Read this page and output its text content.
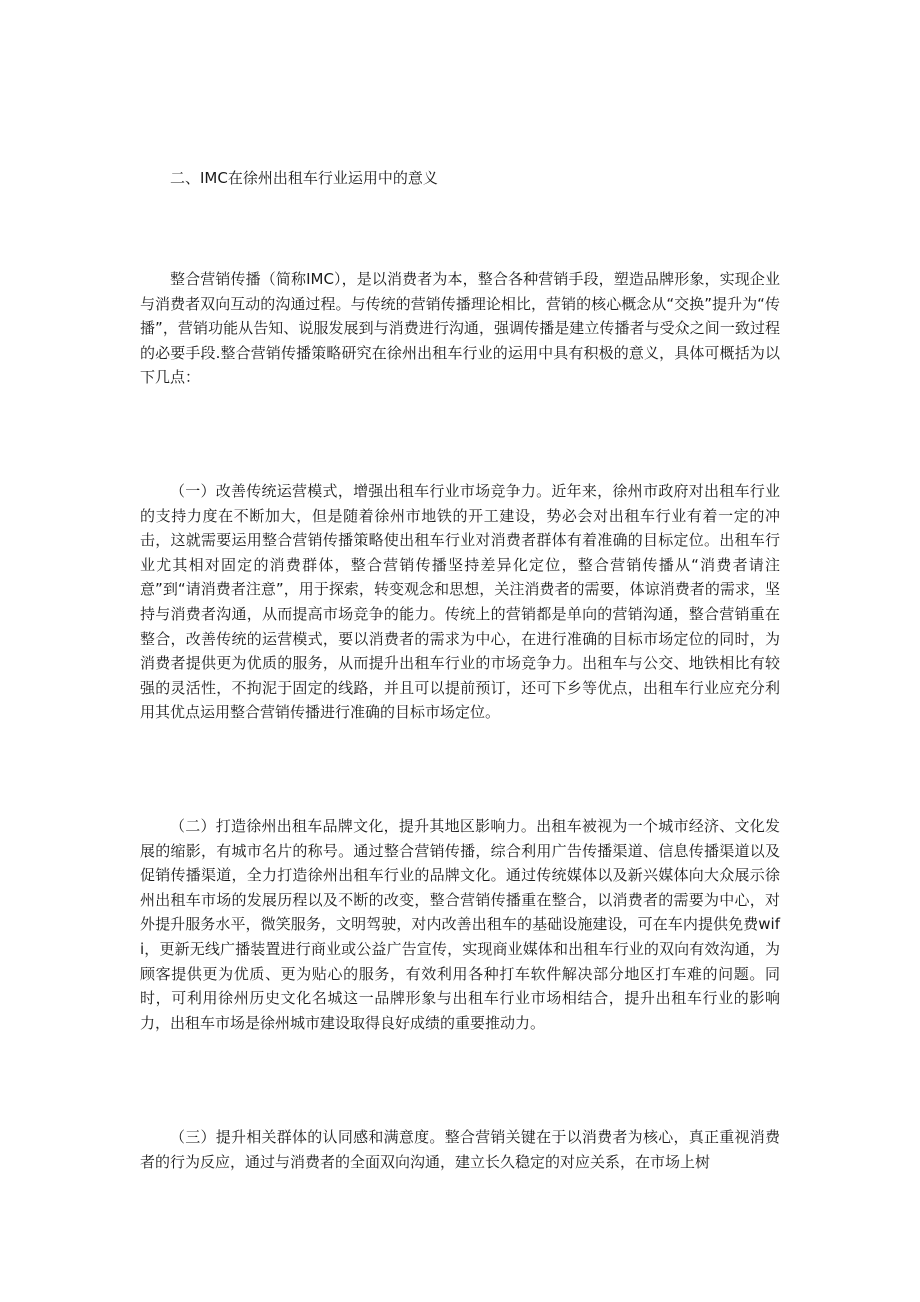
二、IMC在徐州出租车行业运用中的意义

整合营销传播（简称IMC），是以消费者为本，整合各种营销手段，塑造品牌形象，实现企业与消费者双向互动的沟通过程。与传统的营销传播理论相比，营销的核心概念从“交换”提升为“传播”，营销功能从告知、说服发展到与消费进行沟通，强调传播是建立传播者与受众之间一致过程的必要手段.整合营销传播策略研究在徐州出租车行业的运用中具有积极的意义，具体可概括为以下几点：

（一）改善传统运营模式，增强出租车行业市场竞争力。近年来，徐州市政府对出租车行业的支持力度在不断加大，但是随着徐州市地铁的开工建设，势必会对出租车行业有着一定的冲击，这就需要运用整合营销传播策略使出租车行业对消费者群体有着准确的目标定位。出租车行业尤其相对固定的消费群体，整合营销传播坚持差异化定位，整合营销传播从“消费者请注意”到“请消费者注意”，用于探索，转变观念和思想，关注消费者的需要，体谅消费者的需求，坚持与消费者沟通，从而提高市场竞争的能力。传统上的营销都是单向的营销沟通，整合营销重在整合，改善传统的运营模式，要以消费者的需求为中心，在进行准确的目标市场定位的同时，为消费者提供更为优质的服务，从而提升出租车行业的市场竞争力。出租车与公交、地铁相比有较强的灵活性，不拘泥于固定的线路，并且可以提前预订，还可下乡等优点，出租车行业应充分利用其优点运用整合营销传播进行准确的目标市场定位。

（二）打造徐州出租车品牌文化，提升其地区影响力。出租车被视为一个城市经济、文化发展的缩影，有城市名片的称号。通过整合营销传播，综合利用广告传播渠道、信息传播渠道以及促销传播渠道，全力打造徐州出租车行业的品牌文化。通过传统媒体以及新兴媒体向大众展示徐州出租车市场的发展历程以及不断的改变，整合营销传播重在整合，以消费者的需要为中心，对外提升服务水平，微笑服务，文明驾驶，对内改善出租车的基础设施建设，可在车内提供免费wifi，更新无线广播装置进行商业或公益广告宣传，实现商业媒体和出租车行业的双向有效沟通，为顾客提供更为优质、更为贴心的服务，有效利用各种打车软件解决部分地区打车难的问题。同时，可利用徐州历史文化名城这一品牌形象与出租车行业市场相结合，提升出租车行业的影响力，出租车市场是徐州城市建设取得良好成绩的重要推动力。

（三）提升相关群体的认同感和满意度。整合营销关键在于以消费者为核心，真正重视消费者的行为反应，通过与消费者的全面双向沟通，建立长久稳定的对应关系，在市场上树
